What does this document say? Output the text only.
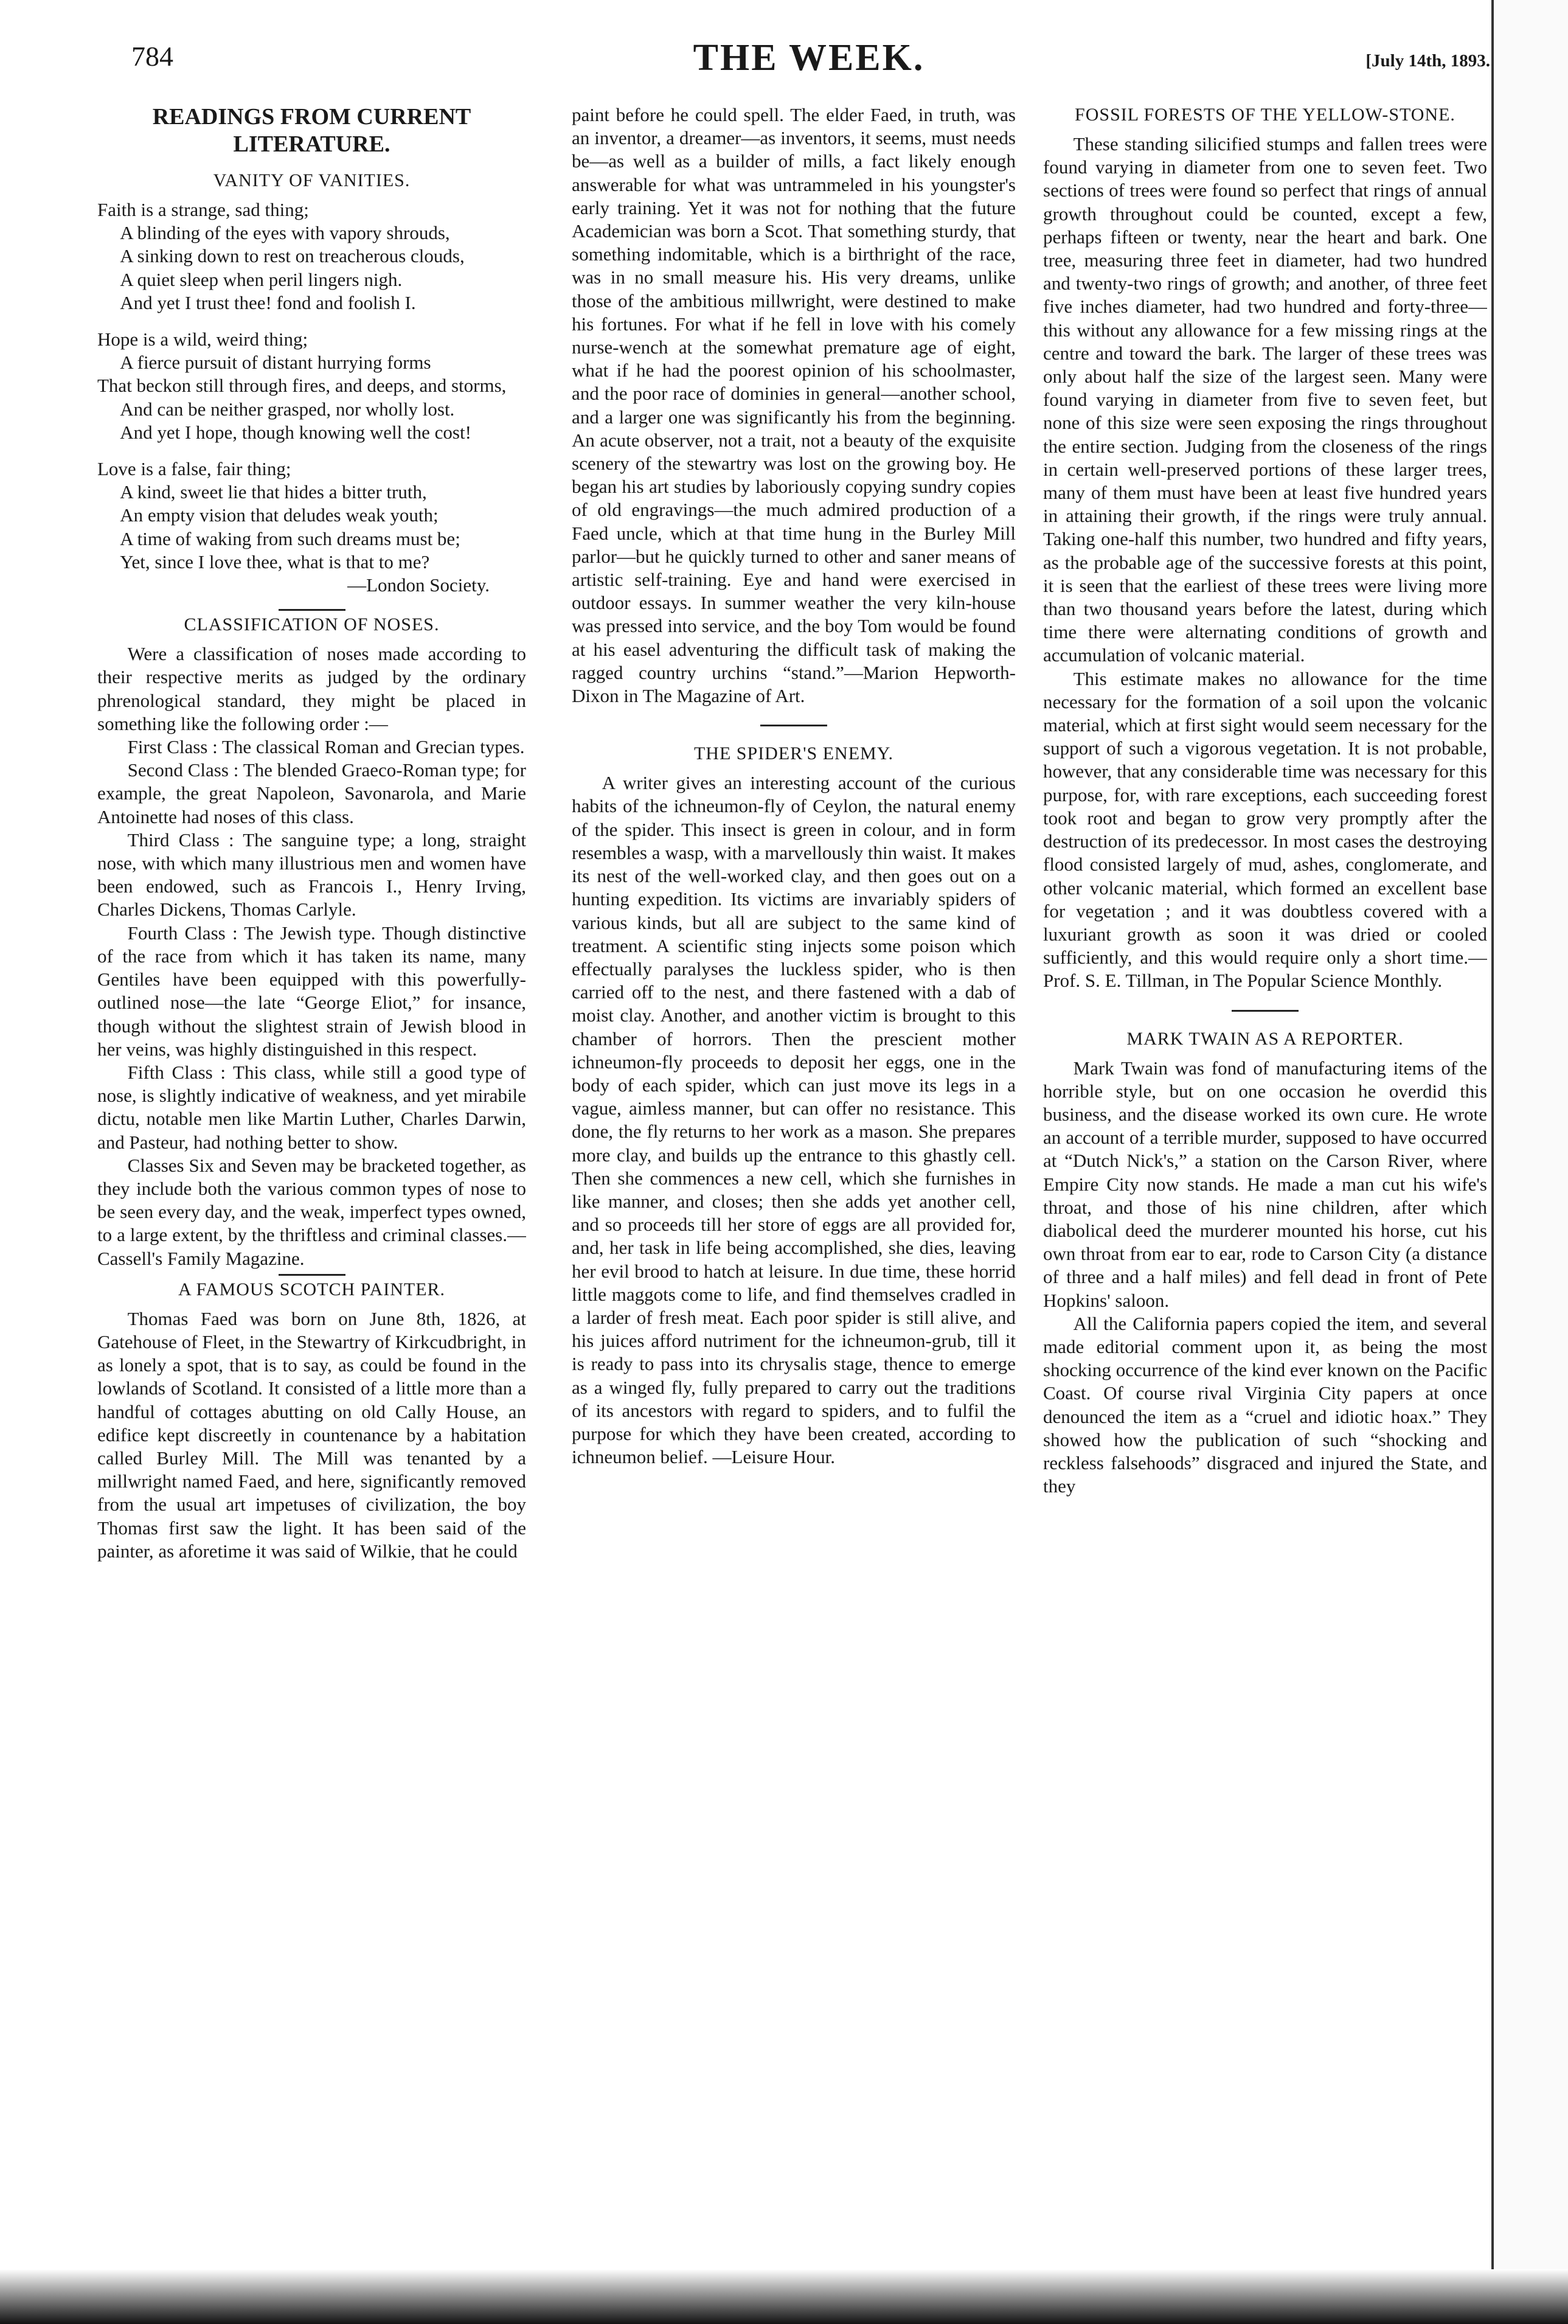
784	THE WEEK.	[July 14th, 1893.
READINGS FROM CURRENT LITERATURE.
VANITY OF VANITIES.
Faith is a strange, sad thing;
A blinding of the eyes with vapory shrouds,
A sinking down to rest on treacherous clouds,
A quiet sleep when peril lingers nigh.
And yet I trust thee! fond and foolish I.
Hope is a wild, weird thing;
A fierce pursuit of distant hurrying forms
That beckon still through fires, and deeps, and storms,
And can be neither grasped, nor wholly lost.
And yet I hope, though knowing well the cost!
Love is a false, fair thing;
A kind, sweet lie that hides a bitter truth,
An empty vision that deludes weak youth;
A time of waking from such dreams must be;
Yet, since I love thee, what is that to me?
—London Society.
CLASSIFICATION OF NOSES.

Were a classification of noses made according to their respective merits as judged by the ordinary phrenological standard, they might be placed in something like the following order :—

First Class : The classical Roman and Grecian types.

Second Class : The blended Graeco-Roman type; for example, the great Napoleon, Savonarola, and Marie Antoinette had noses of this class.

Third Class : The sanguine type; a long, straight nose, with which many illustrious men and women have been endowed, such as Francois I., Henry Irving, Charles Dickens, Thomas Carlyle.

Fourth Class : The Jewish type. Though distinctive of the race from which it has taken its name, many Gentiles have been equipped with this powerfully-outlined nose—the late “George Eliot,” for insance, though without the slightest strain of Jewish blood in her veins, was highly distinguished in this respect.

Fifth Class : This class, while still a good type of nose, is slightly indicative of weakness, and yet mirabile dictu, notable men like Martin Luther, Charles Darwin, and Pasteur, had nothing better to show.

Classes Six and Seven may be bracketed together, as they include both the various common types of nose to be seen every day, and the weak, imperfect types owned, to a large extent, by the thriftless and criminal classes.—Cassell's Family Magazine.

A FAMOUS SCOTCH PAINTER.

Thomas Faed was born on June 8th, 1826, at Gatehouse of Fleet, in the Stewartry of Kirkcudbright, in as lonely a spot, that is to say, as could be found in the lowlands of Scotland. It consisted of a little more than a handful of cottages abutting on old Cally House, an edifice kept discreetly in countenance by a habitation called Burley Mill. The Mill was tenanted by a millwright named Faed, and here, significantly removed from the usual art impetuses of civilization, the boy Thomas first saw the light. It has been said of the painter, as aforetime it was said of Wilkie, that he could

paint before he could spell. The elder Faed, in truth, was an inventor, a dreamer—as inventors, it seems, must needs be—as well as a builder of mills, a fact likely enough answerable for what was untrammeled in his youngster's early training. Yet it was not for nothing that the future Academician was born a Scot. That something sturdy, that something indomitable, which is a birthright of the race, was in no small measure his. His very dreams, unlike those of the ambitious millwright, were destined to make his fortunes. For what if he fell in love with his comely nurse-wench at the somewhat premature age of eight, what if he had the poorest opinion of his schoolmaster, and the poor race of dominies in general—another school, and a larger one was significantly his from the beginning. An acute observer, not a trait, not a beauty of the exquisite scenery of the stewartry was lost on the growing boy. He began his art studies by laboriously copying sundry copies of old engravings—the much admired production of a Faed uncle, which at that time hung in the Burley Mill parlor—but he quickly turned to other and saner means of artistic self-training. Eye and hand were exercised in outdoor essays. In summer weather the very kiln-house was pressed into service, and the boy Tom would be found at his easel adventuring the difficult task of making the ragged country urchins “stand.”—Marion Hepworth-Dixon in The Magazine of Art.

THE SPIDER'S ENEMY.

A writer gives an interesting account of the curious habits of the ichneumon-fly of Ceylon, the natural enemy of the spider. This insect is green in colour, and in form resembles a wasp, with a marvellously thin waist. It makes its nest of the well-worked clay, and then goes out on a hunting expedition. Its victims are invariably spiders of various kinds, but all are subject to the same kind of treatment. A scientific sting injects some poison which effectually paralyses the luckless spider, who is then carried off to the nest, and there fastened with a dab of moist clay. Another, and another victim is brought to this chamber of horrors. Then the prescient mother ichneumon-fly proceeds to deposit her eggs, one in the body of each spider, which can just move its legs in a vague, aimless manner, but can offer no resistance. This done, the fly returns to her work as a mason. She prepares more clay, and builds up the entrance to this ghastly cell. Then she commences a new cell, which she furnishes in like manner, and closes; then she adds yet another cell, and so proceeds till her store of eggs are all provided for, and, her task in life being accomplished, she dies, leaving her evil brood to hatch at leisure. In due time, these horrid little maggots come to life, and find themselves cradled in a larder of fresh meat. Each poor spider is still alive, and his juices afford nutriment for the ichneumon-grub, till it is ready to pass into its chrysalis stage, thence to emerge as a winged fly, fully prepared to carry out the traditions of its ancestors with regard to spiders, and to fulfil the purpose for which they have been created, according to ichneumon belief. —Leisure Hour.

FOSSIL FORESTS OF THE YELLOW-STONE.

These standing silicified stumps and fallen trees were found varying in diameter from one to seven feet. Two sections of trees were found so perfect that rings of annual growth throughout could be counted, except a few, perhaps fifteen or twenty, near the heart and bark. One tree, measuring three feet in diameter, had two hundred and twenty-two rings of growth; and another, of three feet five inches diameter, had two hundred and forty-three—this without any allowance for a few missing rings at the centre and toward the bark. The larger of these trees was only about half the size of the largest seen. Many were found varying in diameter from five to seven feet, but none of this size were seen exposing the rings throughout the entire section. Judging from the closeness of the rings in certain well-preserved portions of these larger trees, many of them must have been at least five hundred years in attaining their growth, if the rings were truly annual. Taking one-half this number, two hundred and fifty years, as the probable age of the successive forests at this point, it is seen that the earliest of these trees were living more than two thousand years before the latest, during which time there were alternating conditions of growth and accumulation of volcanic material.

This estimate makes no allowance for the time necessary for the formation of a soil upon the volcanic material, which at first sight would seem necessary for the support of such a vigorous vegetation. It is not probable, however, that any considerable time was necessary for this purpose, for, with rare exceptions, each succeeding forest took root and began to grow very promptly after the destruction of its predecessor. In most cases the destroying flood consisted largely of mud, ashes, conglomerate, and other volcanic material, which formed an excellent base for vegetation ; and it was doubtless covered with a luxuriant growth as soon it was dried or cooled sufficiently, and this would require only a short time.—Prof. S. E. Tillman, in The Popular Science Monthly.

MARK TWAIN AS A REPORTER.

Mark Twain was fond of manufacturing items of the horrible style, but on one occasion he overdid this business, and the disease worked its own cure. He wrote an account of a terrible murder, supposed to have occurred at “Dutch Nick's,” a station on the Carson River, where Empire City now stands. He made a man cut his wife's throat, and those of his nine children, after which diabolical deed the murderer mounted his horse, cut his own throat from ear to ear, rode to Carson City (a distance of three and a half miles) and fell dead in front of Pete Hopkins' saloon.

All the California papers copied the item, and several made editorial comment upon it, as being the most shocking occurrence of the kind ever known on the Pacific Coast. Of course rival Virginia City papers at once denounced the item as a “cruel and idiotic hoax.” They showed how the publication of such “shocking and reckless falsehoods” disgraced and injured the State, and they
